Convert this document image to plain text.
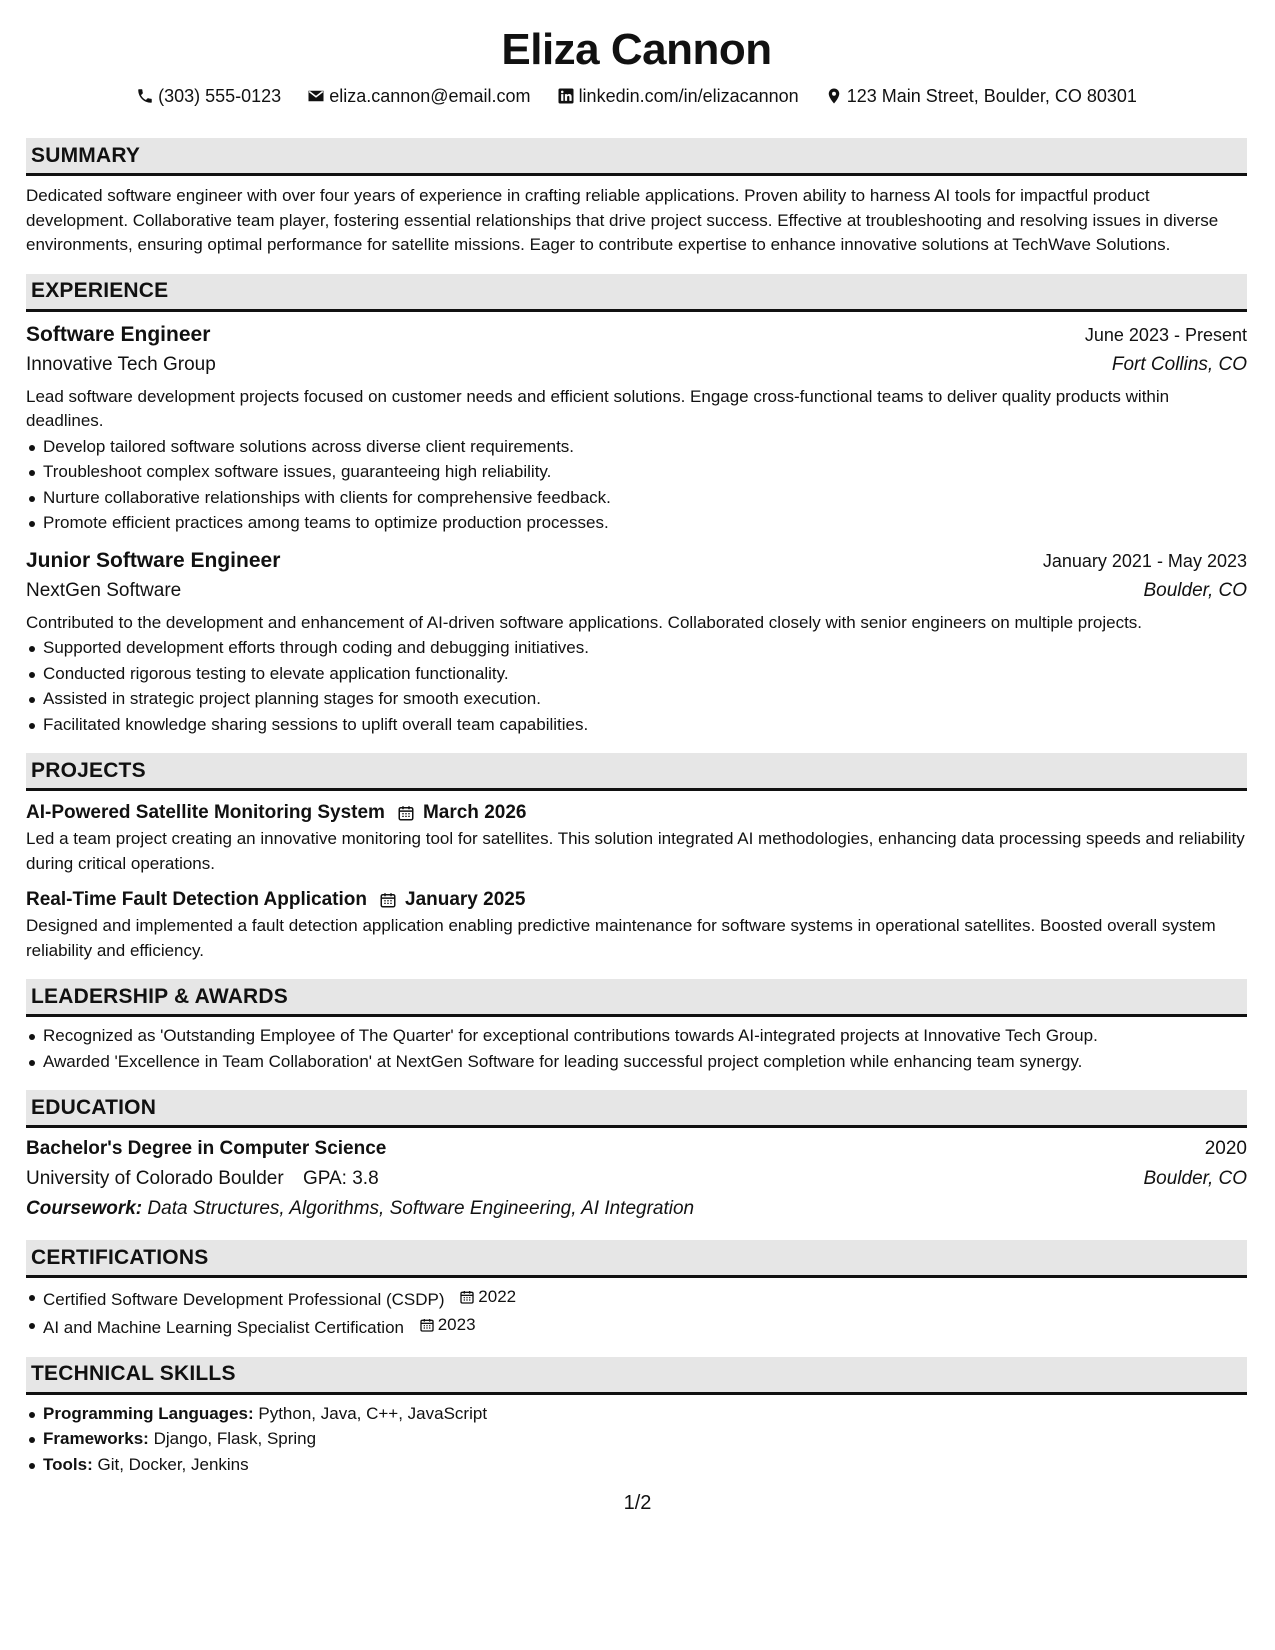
Eliza Cannon
(303) 555-0123	eliza.cannon@email.com	linkedin.com/in/elizacannon	123 Main Street, Boulder, CO 80301
SUMMARY

Dedicated software engineer with over four years of experience in crafting reliable applications. Proven ability to harness AI tools for impactful product development. Collaborative team player, fostering essential relationships that drive project success. Effective at troubleshooting and resolving issues in diverse environments, ensuring optimal performance for satellite missions. Eager to contribute expertise to enhance innovative solutions at TechWave Solutions.

EXPERIENCE
Software Engineer	June 2023 - Present
Innovative Tech Group	Fort Collins, CO

Lead software development projects focused on customer needs and efficient solutions. Engage cross-functional teams to deliver quality products within deadlines.

Develop tailored software solutions across diverse client requirements.
Troubleshoot complex software issues, guaranteeing high reliability.
Nurture collaborative relationships with clients for comprehensive feedback.
Promote efficient practices among teams to optimize production processes.
Junior Software Engineer	January 2021 - May 2023
NextGen Software	Boulder, CO

Contributed to the development and enhancement of AI-driven software applications. Collaborated closely with senior engineers on multiple projects.

Supported development efforts through coding and debugging initiatives.
Conducted rigorous testing to elevate application functionality.
Assisted in strategic project planning stages for smooth execution.
Facilitated knowledge sharing sessions to uplift overall team capabilities.
PROJECTS
AI-Powered Satellite Monitoring System March 2026

Led a team project creating an innovative monitoring tool for satellites. This solution integrated AI methodologies, enhancing data processing speeds and reliability during critical operations.

Real-Time Fault Detection Application January 2025

Designed and implemented a fault detection application enabling predictive maintenance for software systems in operational satellites. Boosted overall system reliability and efficiency.

LEADERSHIP & AWARDS
Recognized as 'Outstanding Employee of The Quarter' for exceptional contributions towards AI-integrated projects at Innovative Tech Group.
Awarded 'Excellence in Team Collaboration' at NextGen Software for leading successful project completion while enhancing team synergy.
EDUCATION
Bachelor's Degree in Computer Science	2020
University of Colorado Boulder GPA: 3.8	Boulder, CO
Coursework: Data Structures, Algorithms, Software Engineering, AI Integration
CERTIFICATIONS
Certified Software Development Professional (CSDP) 2022
AI and Machine Learning Specialist Certification 2023
TECHNICAL SKILLS
Programming Languages: Python, Java, C++, JavaScript
Frameworks: Django, Flask, Spring
Tools: Git, Docker, Jenkins
1/2
